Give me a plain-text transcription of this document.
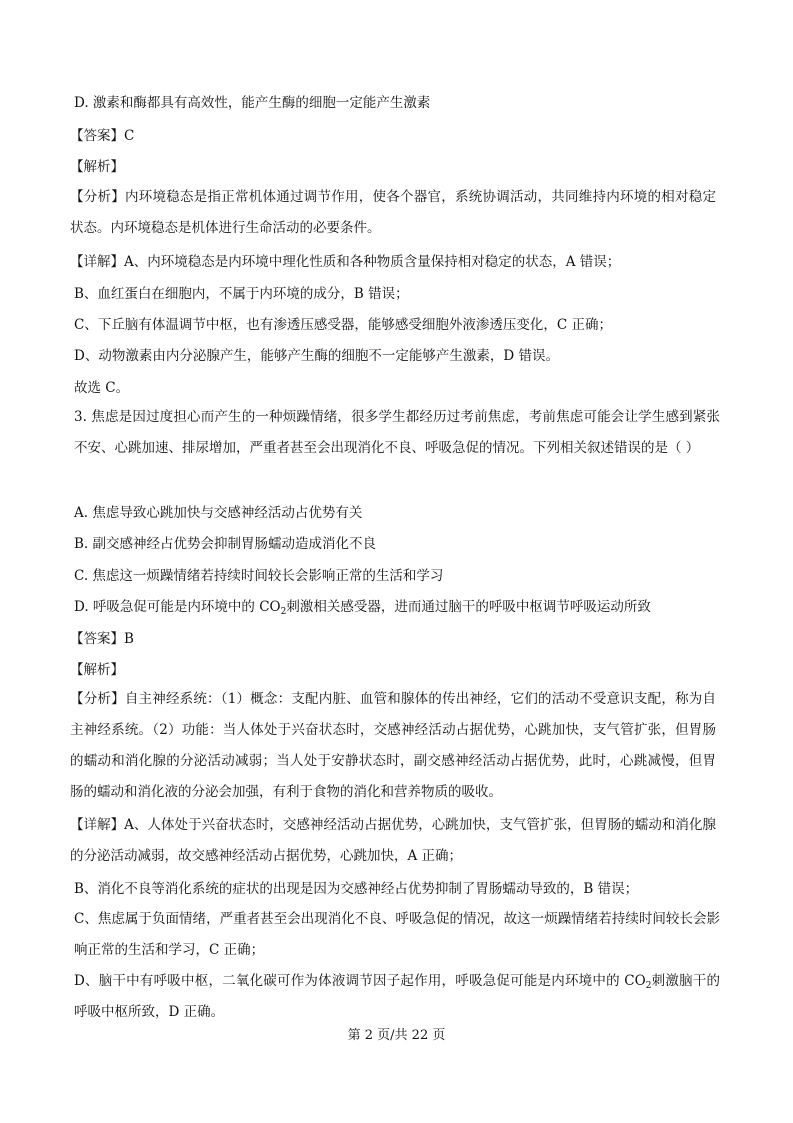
D. 激素和酶都具有高效性，能产生酶的细胞一定能产生激素
【答案】C
【解析】
【分析】内环境稳态是指正常机体通过调节作用，使各个器官，系统协调活动，共同维持内环境的相对稳定状态。内环境稳态是机体进行生命活动的必要条件。
【详解】A、内环境稳态是内环境中理化性质和各种物质含量保持相对稳定的状态，A 错误；
B、血红蛋白在细胞内，不属于内环境的成分，B 错误；
C、下丘脑有体温调节中枢，也有渗透压感受器，能够感受细胞外液渗透压变化，C 正确；
D、动物激素由内分泌腺产生，能够产生酶的细胞不一定能够产生激素，D 错误。
故选 C。
3. 焦虑是因过度担心而产生的一种烦躁情绪，很多学生都经历过考前焦虑，考前焦虑可能会让学生感到紧张不安、心跳加速、排尿增加，严重者甚至会出现消化不良、呼吸急促的情况。下列相关叙述错误的是（ ）
A. 焦虑导致心跳加快与交感神经活动占优势有关
B. 副交感神经占优势会抑制胃肠蠕动造成消化不良
C. 焦虑这一烦躁情绪若持续时间较长会影响正常的生活和学习
D. 呼吸急促可能是内环境中的 $CO_2$刺激相关感受器，进而通过脑干的呼吸中枢调节呼吸运动所致
【答案】B
【解析】
【分析】自主神经系统：（1）概念：支配内脏、血管和腺体的传出神经，它们的活动不受意识支配，称为自主神经系统。（2）功能：当人体处于兴奋状态时，交感神经活动占据优势，心跳加快，支气管扩张，但胃肠的蠕动和消化腺的分泌活动减弱；当人处于安静状态时，副交感神经活动占据优势，此时，心跳减慢，但胃肠的蠕动和消化液的分泌会加强，有利于食物的消化和营养物质的吸收。
【详解】A、人体处于兴奋状态时，交感神经活动占据优势，心跳加快，支气管扩张，但胃肠的蠕动和消化腺的分泌活动减弱，故交感神经活动占据优势，心跳加快，A 正确；
B、消化不良等消化系统的症状的出现是因为交感神经占优势抑制了胃肠蠕动导致的，B 错误；
C、焦虑属于负面情绪，严重者甚至会出现消化不良、呼吸急促的情况，故这一烦躁情绪若持续时间较长会影响正常的生活和学习，C 正确；
D、脑干中有呼吸中枢，二氧化碳可作为体液调节因子起作用，呼吸急促可能是内环境中的 $CO_2$刺激脑干的呼吸中枢所致，D 正确。
第 2 页/共 22 页
